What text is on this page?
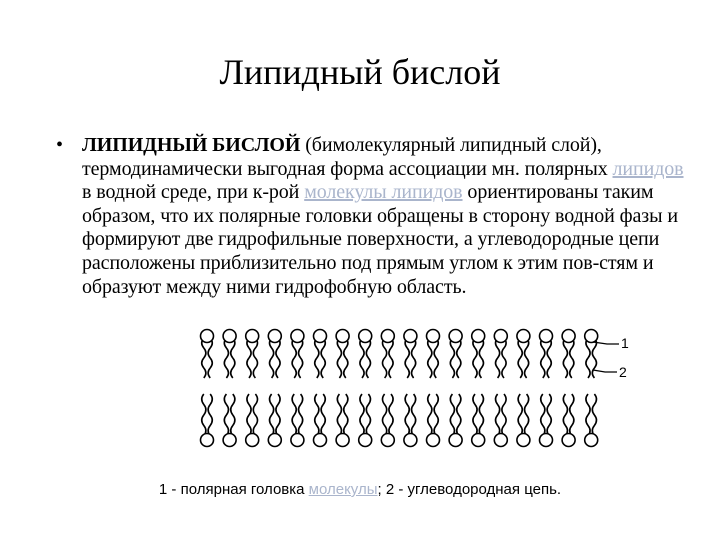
Липидный бислой
• ЛИПИДНЫЙ БИСЛОЙ (бимолекулярный липидный слой), термодинамически выгодная форма ассоциации мн. полярных липидов в водной среде, при к-рой молекулы липидов ориентированы таким образом, что их полярные головки обращены в сторону водной фазы и формируют две гидрофильные поверхности, а углеводородные цепи расположены приблизительно под прямым углом к этим пов-стям и образуют между ними гидрофобную область.
1
2
1 - полярная головка молекулы; 2 - углеводородная цепь.
